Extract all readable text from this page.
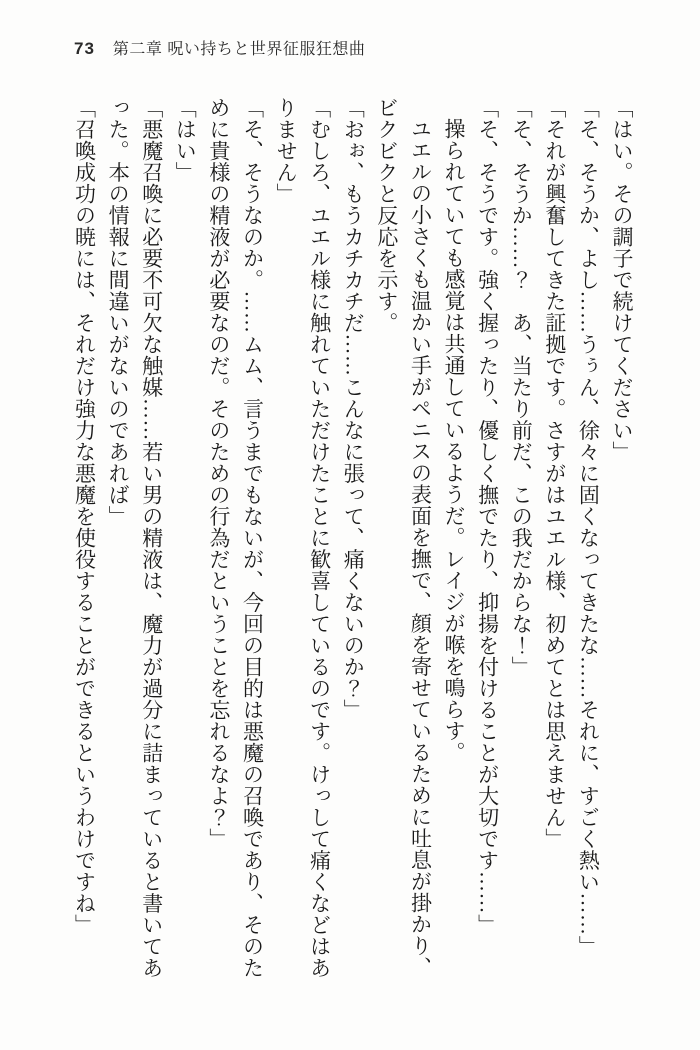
73 第二章 呪い持ちと世界征服狂想曲

「はい。その調子で続けてください」

「そ、そうか、よし……うぅん、徐々に固くなってきたな……それに、すごく熱い……」

「それが興奮してきた証拠です。さすがはユエル様、初めてとは思えません」

「そ、そうか……？　あ、当たり前だ、この我だからな！」

「そ、そうです。強く握ったり、優しく撫でたり、抑揚を付けることが大切です……」

操られていても感覚は共通しているようだ。レイジが喉を鳴らす。

ユエルの小さくも温かい手がペニスの表面を撫で、顔を寄せているために吐息が掛かり、ビクビクと反応を示す。

「おぉ、もうカチカチだ……こんなに張って、痛くないのか？」

「むしろ、ユエル様に触れていただけたことに歓喜しているのです。けっして痛くなどはありません」

「そ、そうなのか。……ムム、言うまでもないが、今回の目的は悪魔の召喚であり、そのために貴様の精液が必要なのだ。そのための行為だということを忘れるなよ？」

「はい」

「悪魔召喚に必要不可欠な触媒……若い男の精液は、魔力が過分に詰まっていると書いてあった。本の情報に間違いがないのであれば」

「召喚成功の暁には、それだけ強力な悪魔を使役することができるというわけですね」
